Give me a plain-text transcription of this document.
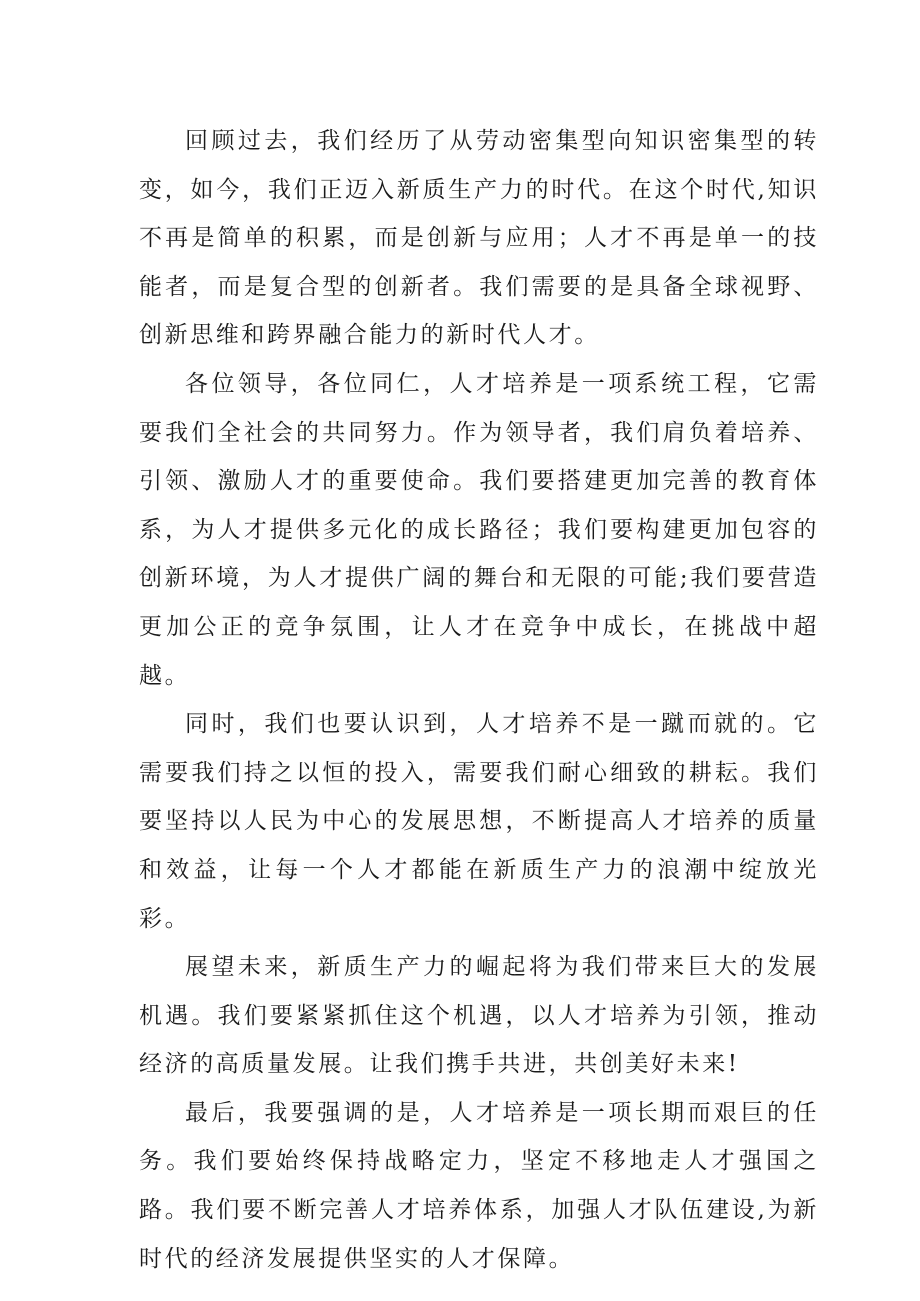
回顾过去，我们经历了从劳动密集型向知识密集型的转变，如今，我们正迈入新质生产力的时代。在这个时代,知识不再是简单的积累，而是创新与应用；人才不再是单一的技能者，而是复合型的创新者。我们需要的是具备全球视野、创新思维和跨界融合能力的新时代人才。

各位领导，各位同仁，人才培养是一项系统工程，它需要我们全社会的共同努力。作为领导者，我们肩负着培养、引领、激励人才的重要使命。我们要搭建更加完善的教育体系，为人才提供多元化的成长路径；我们要构建更加包容的创新环境，为人才提供广阔的舞台和无限的可能;我们要营造更加公正的竞争氛围，让人才在竞争中成长，在挑战中超越。

同时，我们也要认识到，人才培养不是一蹴而就的。它需要我们持之以恒的投入，需要我们耐心细致的耕耘。我们要坚持以人民为中心的发展思想，不断提高人才培养的质量和效益，让每一个人才都能在新质生产力的浪潮中绽放光彩。

展望未来，新质生产力的崛起将为我们带来巨大的发展机遇。我们要紧紧抓住这个机遇，以人才培养为引领，推动经济的高质量发展。让我们携手共进，共创美好未来!

最后，我要强调的是，人才培养是一项长期而艰巨的任务。我们要始终保持战略定力，坚定不移地走人才强国之路。我们要不断完善人才培养体系，加强人才队伍建设,为新时代的经济发展提供坚实的人才保障。
